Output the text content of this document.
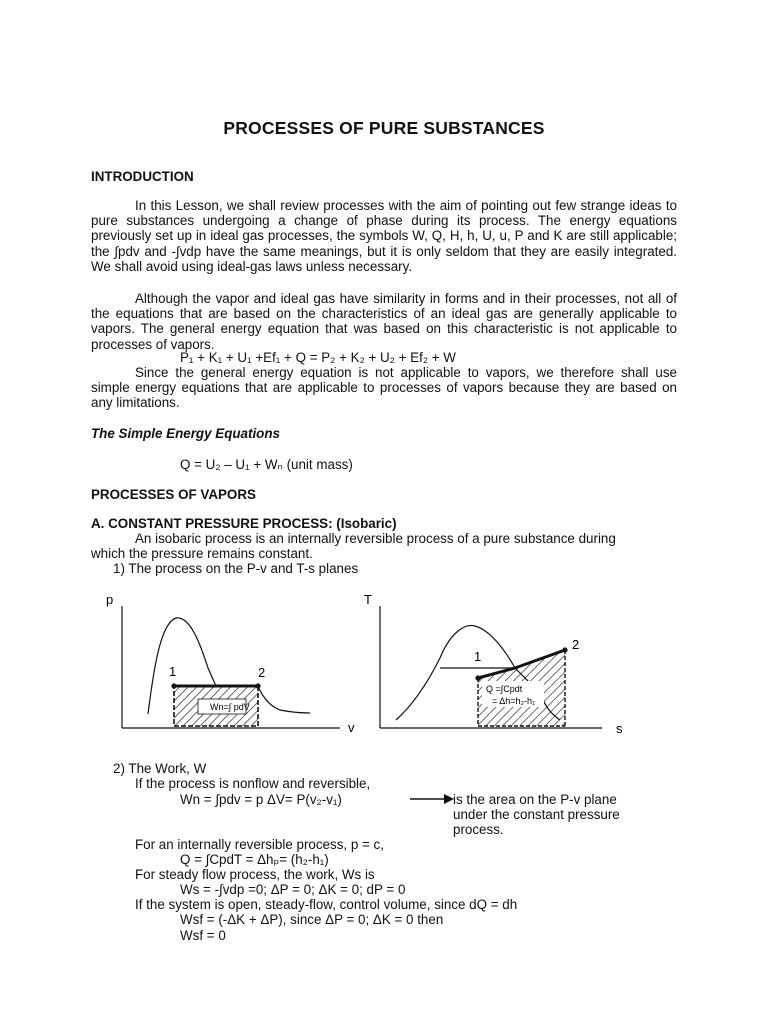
PROCESSES OF PURE SUBSTANCES
INTRODUCTION

In this Lesson, we shall review processes with the aim of pointing out few strange ideas to pure substances undergoing a change of phase during its process. The energy equations previously set up in ideal gas processes, the symbols W, Q, H, h, U, u, P and K are still applicable; the ∫pdv and -∫vdp have the same meanings, but it is only seldom that they are easily integrated. We shall avoid using ideal-gas laws unless necessary.

Although the vapor and ideal gas have similarity in forms and in their processes, not all of the equations that are based on the characteristics of an ideal gas are generally applicable to vapors. The general energy equation that was based on this characteristic is not applicable to processes of vapors.

P₁ + K₁ + U₁ +Ef₁ + Q = P₂ + K₂ + U₂ + Ef₂ + W

Since the general energy equation is not applicable to vapors, we therefore shall use simple energy equations that are applicable to processes of vapors because they are based on any limitations.

The Simple Energy Equations
Q = U₂ – U₁ + Wₙ (unit mass)
PROCESSES OF VAPORS
A. CONSTANT PRESSURE PROCESS: (Isobaric)
An isobaric process is an internally reversible process of a pure substance during
which the pressure remains constant.
1) The process on the P-v and T-s planes
p
v
1	2
Wn=∫ pdV
T
s
1
2
Q =∫Cpdt
= Δh=h₂-h₁
2) The Work, W
If the process is nonflow and reversible,
Wn = ∫pdv = p ΔV= P(v₂-v₁)	is the area on the P-v plane
under the constant pressure
process.
For an internally reversible process, p = c,
Q = ∫CpdT = Δhₚ= (h₂-h₁)
For steady flow process, the work, Ws is
Ws = -∫vdp =0; ΔP = 0; ΔK = 0; dP = 0
If the system is open, steady-flow, control volume, since dQ = dh
Wsf = (-ΔK + ΔP), since ΔP = 0; ΔK = 0 then
Wsf = 0
